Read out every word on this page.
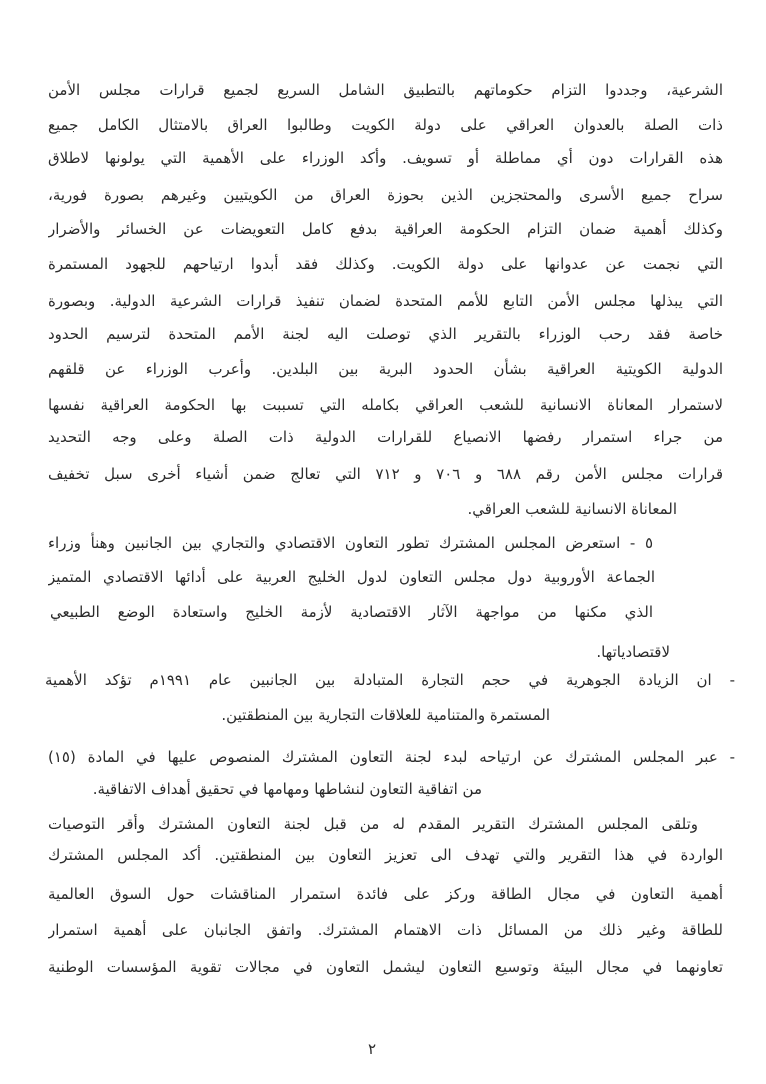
الشرعية، وجددوا التزام حكوماتهم بالتطبيق الشامل السريع لجميع قرارات مجلس الأمن
ذات الصلة بالعدوان العراقي على دولة الكويت وطالبوا العراق بالامتثال الكامل جميع
هذه القرارات دون أي مماطلة أو تسويف. وأكد الوزراء على الأهمية التي يولونها لاطلاق
سراح جميع الأسرى والمحتجزين الذين بحوزة العراق من الكويتيين وغيرهم بصورة فورية،
وكذلك أهمية ضمان التزام الحكومة العراقية بدفع كامل التعويضات عن الخسائر والأضرار
التي نجمت عن عدوانها على دولة الكويت. وكذلك فقد أبدوا ارتياحهم للجهود المستمرة
التي يبذلها مجلس الأمن التابع للأمم المتحدة لضمان تنفيذ قرارات الشرعية الدولية. وبصورة
خاصة فقد رحب الوزراء بالتقرير الذي توصلت اليه لجنة الأمم المتحدة لترسيم الحدود
الدولية الكويتية العراقية بشأن الحدود البرية بين البلدين. وأعرب الوزراء عن قلقهم
لاستمرار المعاناة الانسانية للشعب العراقي بكامله التي تسببت بها الحكومة العراقية نفسها
من جراء استمرار رفضها الانصياع للقرارات الدولية ذات الصلة وعلى وجه التحديد
قرارات مجلس الأمن رقم ٦٨٨ و ٧٠٦ و ٧١٢ التي تعالج ضمن أشياء أخرى سبل تخفيف
المعاناة الانسانية للشعب العراقي.
٥ - استعرض المجلس المشترك تطور التعاون الاقتصادي والتجاري بين الجانبين وهنأ وزراء
الجماعة الأوروبية دول مجلس التعاون لدول الخليج العربية على أدائها الاقتصادي المتميز
الذي مكنها من مواجهة الآثار الاقتصادية لأزمة الخليج واستعادة الوضع الطبيعي
لاقتصادياتها.
- ان الزيادة الجوهرية في حجم التجارة المتبادلة بين الجانبين عام ١٩٩١م تؤكد الأهمية
المستمرة والمتنامية للعلاقات التجارية بين المنطقتين.
- عبر المجلس المشترك عن ارتياحه لبدء لجنة التعاون المشترك المنصوص عليها في المادة (١٥)
من اتفاقية التعاون لنشاطها ومهامها في تحقيق أهداف الاتفاقية.
وتلقى المجلس المشترك التقرير المقدم له من قبل لجنة التعاون المشترك وأقر التوصيات
الواردة في هذا التقرير والتي تهدف الى تعزيز التعاون بين المنطقتين. أكد المجلس المشترك
أهمية التعاون في مجال الطاقة وركز على فائدة استمرار المناقشات حول السوق العالمية
للطاقة وغير ذلك من المسائل ذات الاهتمام المشترك. واتفق الجانبان على أهمية استمرار
تعاونهما في مجال البيئة وتوسيع التعاون ليشمل التعاون في مجالات تقوية المؤسسات الوطنية
٢
